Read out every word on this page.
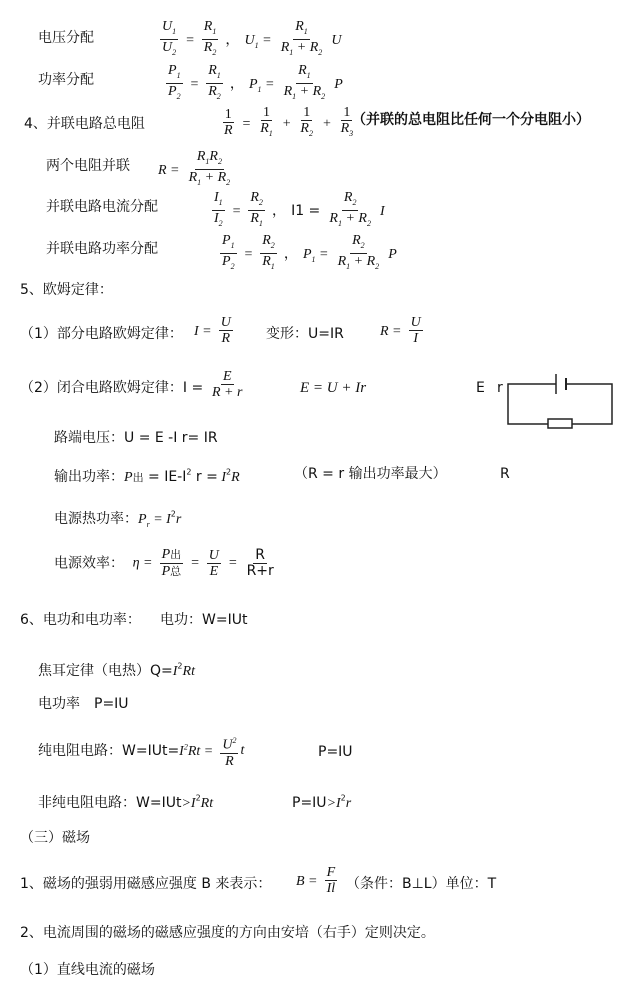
电压分配	$\frac{U_1}{U_2} = \frac{R_1}{R_2}$ ， $U_1 = \frac{R_1}{R_1 + R_2}$ U
功率分配	$\frac{P_1}{P_2} = \frac{R_1}{R_2}$ ， $P_1 = \frac{R_1}{R_1 + R_2}$ P
4、并联电路总电阻	$\frac{1}{R} = \frac{1}{R_1} + \frac{1}{R_2} + \frac{1}{R_3}$
（并联的总电阻比任何一个分电阻小）
两个电阻并联 $R = \frac{R_1R_2}{R_1 + R_2}$
并联电路电流分配	$\frac{I_1}{I_2} = \frac{R_2}{R_1}$ ， $I1 = \frac{R_2}{R_1 + R_2}$ I
并联电路功率分配	$\frac{P_1}{P_2} = \frac{R_2}{R_1}$ ， $P_1 = \frac{R_2}{R_1 + R_2}$ P
5、欧姆定律：
（1）部分电路欧姆定律： $I = \frac{U}{R}$ 变形：U=IR	$R = \frac{U}{I}$
（2）闭合电路欧姆定律：$I = \frac{E}{R + r}$	E = U + Ir	E r
路端电压：U = E -I r= IR
输出功率：P出 = $IE-I^2$ $r = I^2R$	（R = r 输出功率最大）	R
电源热功率：$P_r = I^2r$
电源效率：  $\eta = \frac{\text{P出}}{\text{P总}} = \frac{U}{E} = \frac{R}{R+r}$
6、电功和电功率： 电功：W=IUt
焦耳定律（电热）$Q=I^2Rt$
电功率　P=IU
纯电阻电路：$W=IUt=I^2Rt = \frac{U^2}{R}$ t	P=IU
非纯电阻电路：$W=IUt>I^2Rt$	$P=IU>I^2r$
（三）磁场
1、磁场的强弱用磁感应强度 B 来表示： $B = \frac{F}{Il}$ （条件：B⊥L）单位：T
2、电流周围的磁场的磁感应强度的方向由安培（右手）定则决定。
（1）直线电流的磁场
